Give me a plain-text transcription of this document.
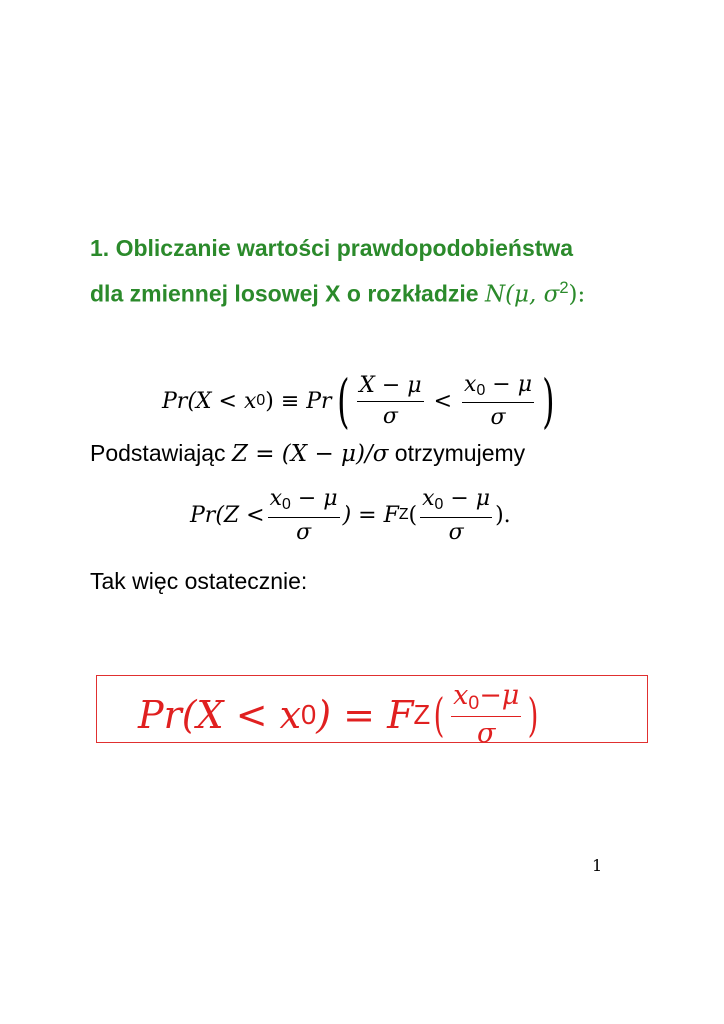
1. Obliczanie wartości prawdopodobieństwa
dla zmiennej losowej X o rozkładzie N(μ, $\sigma^2$):
Pr(X < x 0 ) ≡ Pr ( $\frac{X - \mu}{\sigma} < \frac{x_0 - \mu}{\sigma}$ )
Podstawiając Z = (X − μ)/σ otrzymujemy
$Pr(Z < \frac{x_0 - \mu}{\sigma}$ ) = F Z ( $\frac{x_0 - \mu}{\sigma}$ ).
Tak więc ostatecznie:
Pr(X < x 0 ) = F Z ( $\frac{x_0-\mu}{\sigma}$ )
1
